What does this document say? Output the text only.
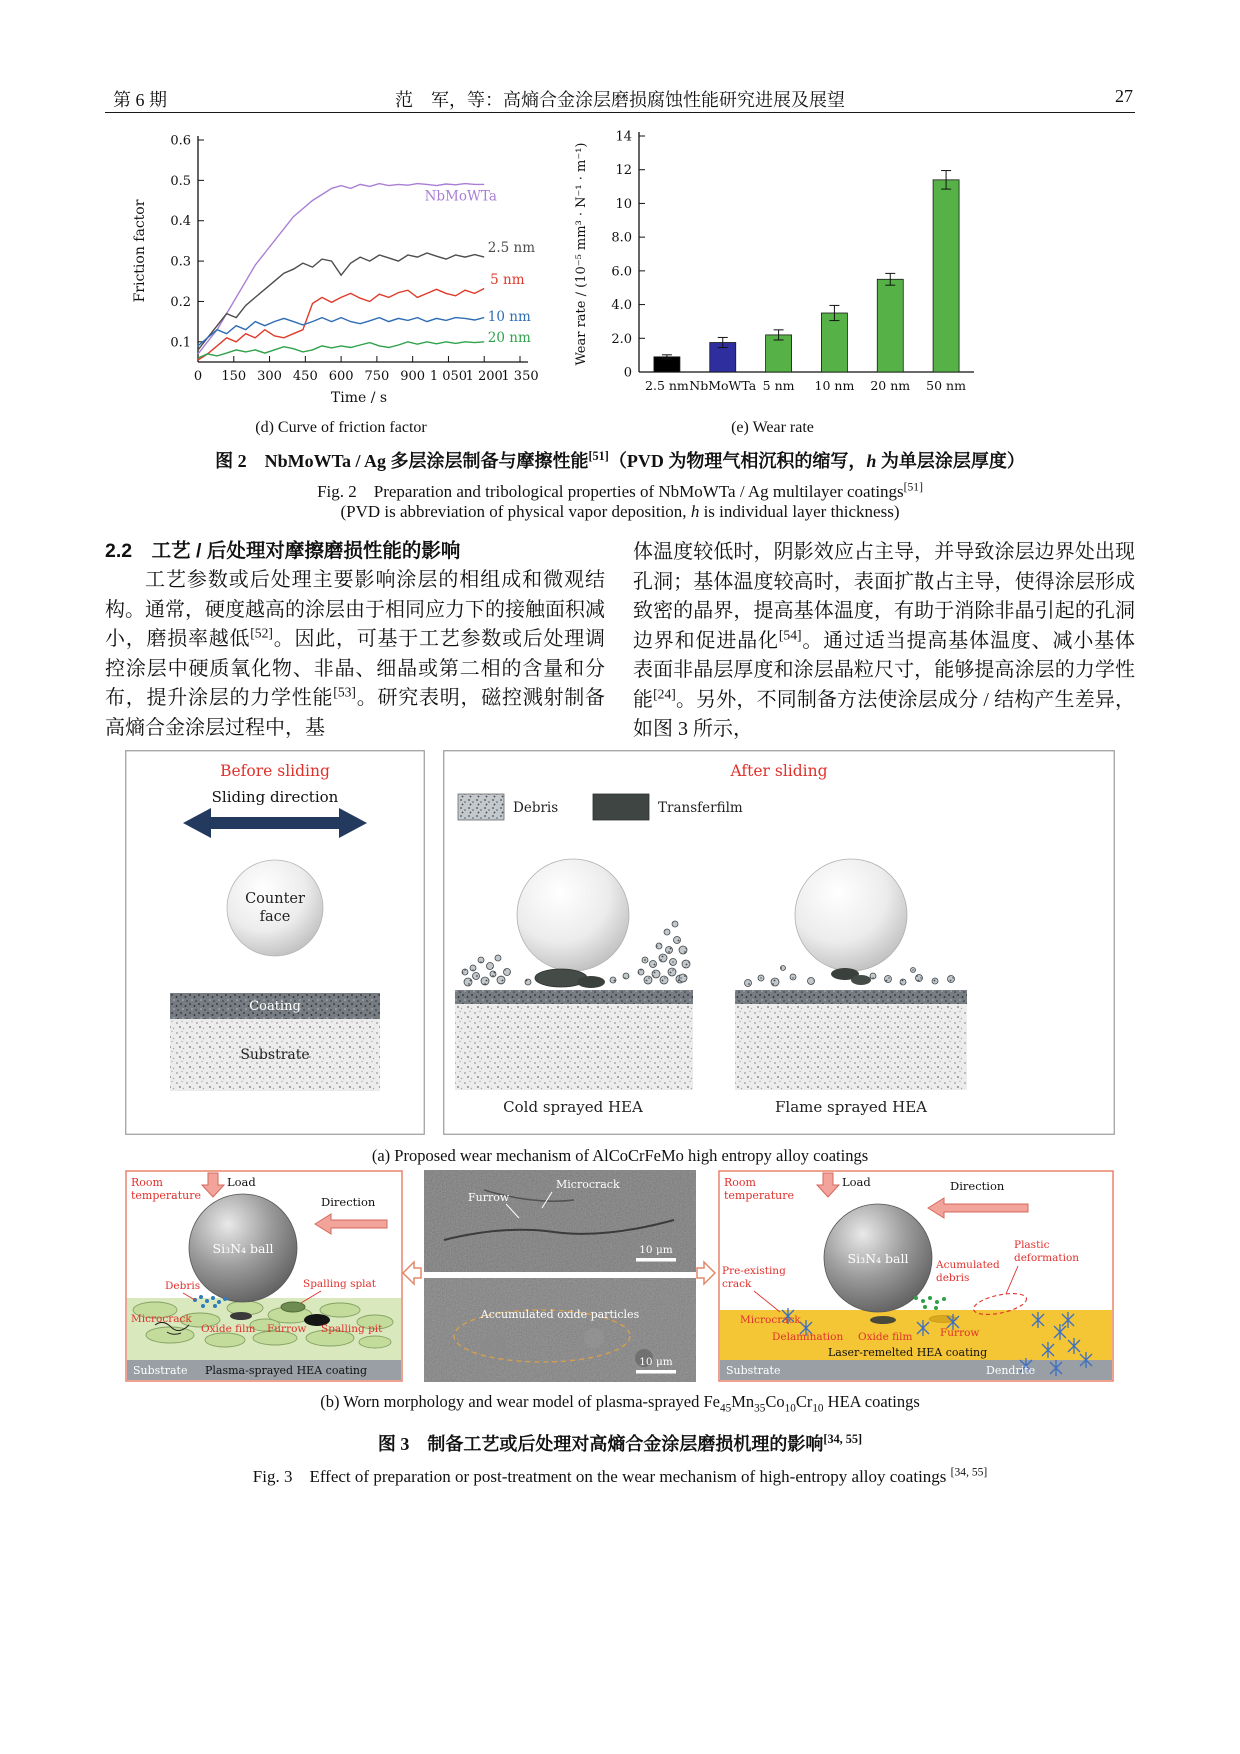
第 6 期	范　军，等：高熵合金涂层磨损腐蚀性能研究进展及展望	27
0.1
0.2
0.3
0.4
0.5
0.6
0 150 300 450 600 750 900 1 050
1 200
1 350
NbMoWTa
2.5 nm
5 nm
10 nm
20 nm
Time / s
Friction factor
(d) Curve of friction factor
0
2.0
4.0
6.0
8.0
10
12
14
2.5 nm NbMoWTa 5 nm 10 nm 20 nm 50 nm
Wear rate / (10⁻⁵ mm³ · N⁻¹ · m⁻¹)
(e) Wear rate
图 2　NbMoWTa / Ag 多层涂层制备与摩擦性能[51]（PVD 为物理气相沉积的缩写，h 为单层涂层厚度）
Fig. 2　Preparation and tribological properties of NbMoWTa / Ag multilayer coatings[51]
(PVD is abbreviation of physical vapor deposition, h is individual layer thickness)
2.2　工艺 / 后处理对摩擦磨损性能的影响

工艺参数或后处理主要影响涂层的相组成和微观结构。通常，硬度越高的涂层由于相同应力下的接触面积减小，磨损率越低[52]。因此，可基于工艺参数或后处理调控涂层中硬质氧化物、非晶、细晶或第二相的含量和分布，提升涂层的力学性能[53]。研究表明，磁控溅射制备高熵合金涂层过程中，基

体温度较低时，阴影效应占主导，并导致涂层边界处出现孔洞；基体温度较高时，表面扩散占主导，使得涂层形成致密的晶界，提高基体温度，有助于消除非晶引起的孔洞边界和促进晶化[54]。通过适当提高基体温度、减小基体表面非晶层厚度和涂层晶粒尺寸，能够提高涂层的力学性能[24]。另外，不同制备方法使涂层成分 / 结构产生差异，如图 3 所示，

Before sliding
Sliding direction
Counter
face
Coating
Substrate
After sliding
Debris	Transferfilm
Cold sprayed HEA	Flame sprayed HEA
(a) Proposed wear mechanism of AlCoCrFeMo high entropy alloy coatings
Substrate Plasma-sprayed HEA coating
Si₃N₄ ball
Room
temperature
Load
Direction
Spalling splat
Debris
Microcrack
Oxide film Furrow Spalling pit
Microcrack
Furrow
10 μm
Accumulated oxide particles
10 μm
Substrate	Dendrite
Laser-remelted HEA coating
Si₃N₄ ball
Room
temperature
Load	Direction
Plastic
deformation
Pre-existing
crack
Acumulated
debris
Microcrack
Delamination Oxide film	Furrow
(b) Worn morphology and wear model of plasma-sprayed $Fe_{45}Mn_{35}Co_{10}Cr_{10}$ HEA coatings
图 3　制备工艺或后处理对高熵合金涂层磨损机理的影响[34, 55]
Fig. 3　Effect of preparation or post-treatment on the wear mechanism of high-entropy alloy coatings [34, 55]
